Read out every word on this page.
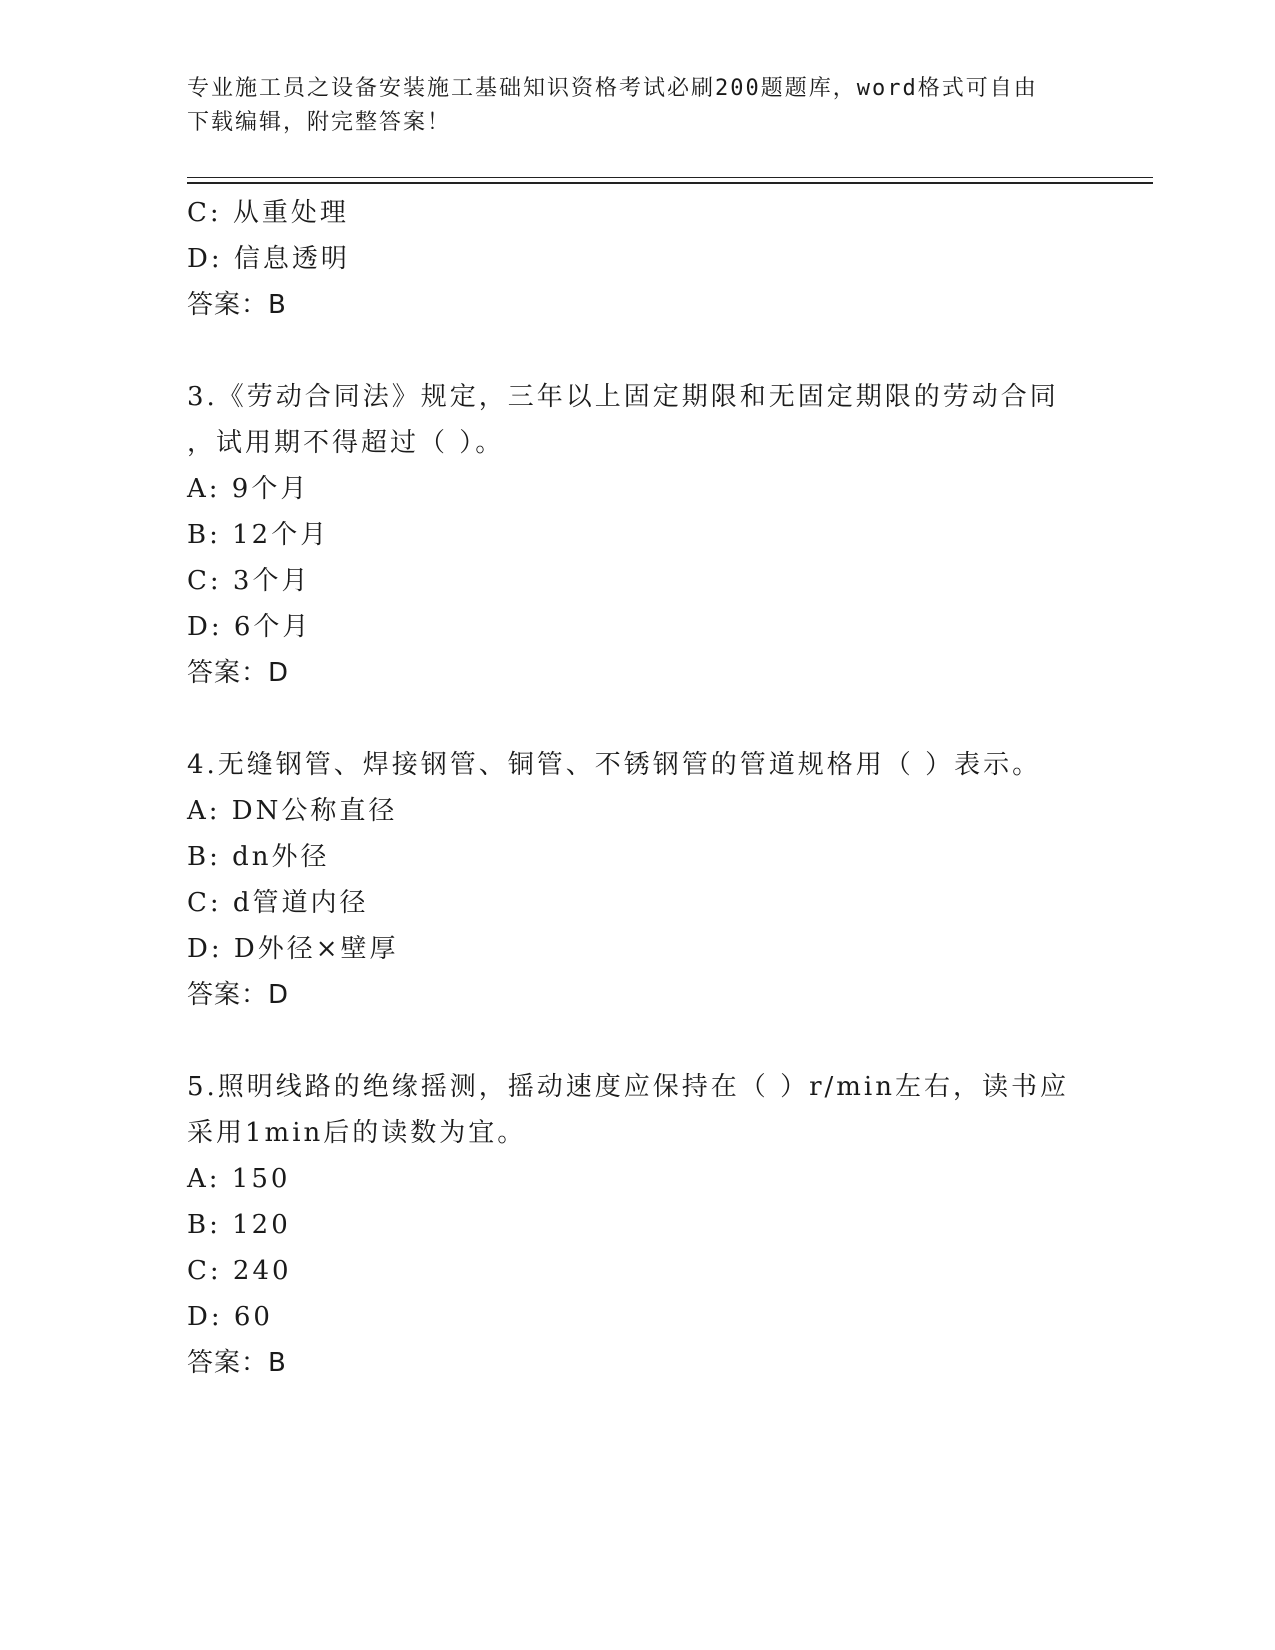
专业施工员之设备安装施工基础知识资格考试必刷200题题库，word格式可自由
下载编辑，附完整答案！
C: 从重处理
D: 信息透明
答案：B
3.《劳动合同法》规定，三年以上固定期限和无固定期限的劳动合同
，试用期不得超过（ ）。
A: 9个月
B: 12个月
C: 3个月
D: 6个月
答案：D
4.无缝钢管、焊接钢管、铜管、不锈钢管的管道规格用（ ）表示。
A: DN公称直径
B: dn外径
C: d管道内径
D: D外径×壁厚
答案：D
5.照明线路的绝缘摇测，摇动速度应保持在（ ）r/min左右，读书应
采用1min后的读数为宜。
A: 150
B: 120
C: 240
D: 60
答案：B
